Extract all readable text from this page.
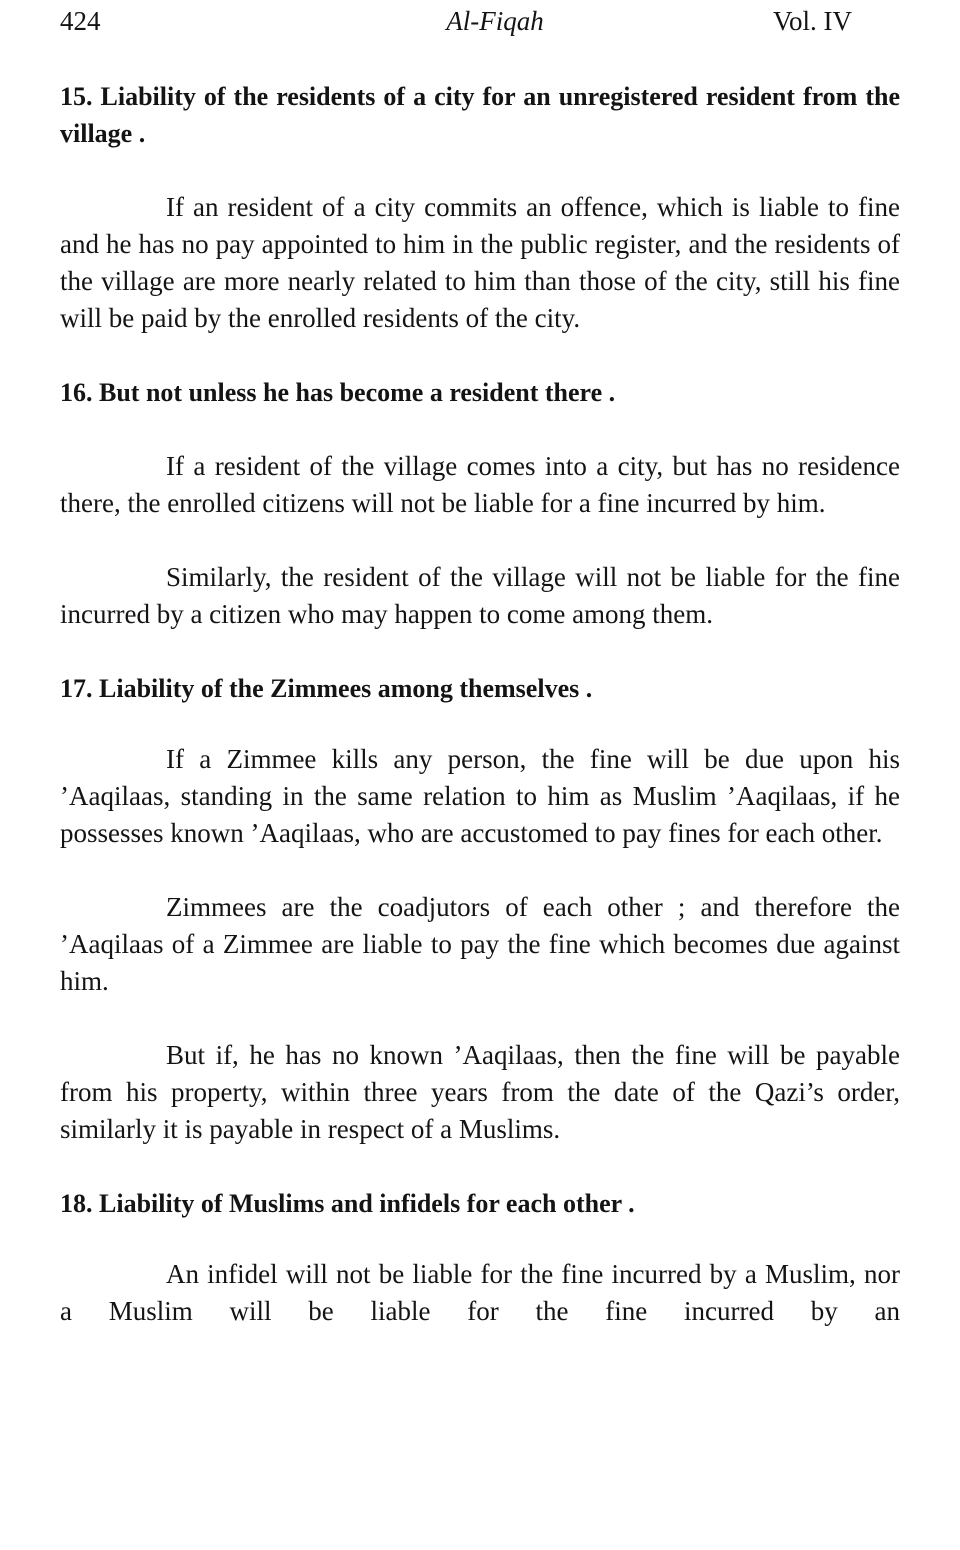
424	Al-Fiqah	Vol. IV

15. Liability of the residents of a city for an unregistered resident from the village .

If an resident of a city commits an offence, which is liable to fine and he has no pay appointed to him in the public register, and the residents of the village are more nearly related to him than those of the city, still his fine will be paid by the enrolled residents of the city.

16. But not unless he has become a resident there .

If a resident of the village comes into a city, but has no residence there, the enrolled citizens will not be liable for a fine incurred by him.

Similarly, the resident of the village will not be liable for the fine incurred by a citizen who may happen to come among them.

17. Liability of the Zimmees among themselves .

If a Zimmee kills any person, the fine will be due upon his ’Aaqilaas, standing in the same relation to him as Muslim ’Aaqilaas, if he possesses known ’Aaqilaas, who are accustomed to pay fines for each other.

Zimmees are the coadjutors of each other ; and therefore the ’Aaqilaas of a Zimmee are liable to pay the fine which becomes due against him.

But if, he has no known ’Aaqilaas, then the fine will be payable from his property, within three years from the date of the Qazi’s order, similarly it is payable in respect of a Muslims.

18. Liability of Muslims and infidels for each other .

An infidel will not be liable for the fine incurred by a Muslim, nor a Muslim will be liable for the fine incurred by an
